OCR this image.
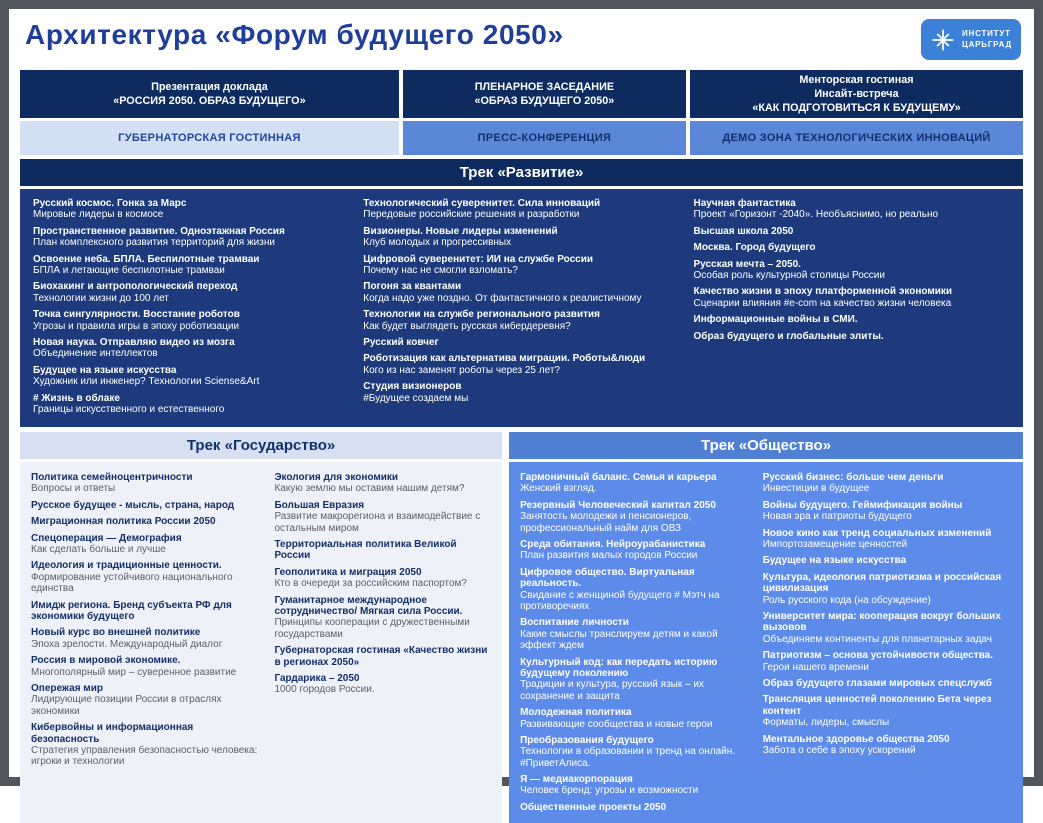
Архитектура «Форум будущего 2050»	ИНСТИТУТ
ЦАРЬГРАД
Презентация доклада
«РОССИЯ 2050. ОБРАЗ БУДУЩЕГО»
ПЛЕНАРНОЕ ЗАСЕДАНИЕ
«ОБРАЗ БУДУЩЕГО 2050»
Менторская гостиная
Инсайт-встреча
«КАК ПОДГОТОВИТЬСЯ К БУДУЩЕМУ»
ГУБЕРНАТОРСКАЯ ГОСТИННАЯ	ПРЕСС-КОНФЕРЕНЦИЯ	ДЕМО ЗОНА ТЕХНОЛОГИЧЕСКИХ ИННОВАЦИЙ
Трек «Развитие»
Русский космос. Гонка за Марс
Мировые лидеры в космосе
Пространственное развитие. Одноэтажная Россия
План комплексного развития территорий для жизни
Освоение неба. БПЛА. Беспилотные трамваи
БПЛА и летающие беспилотные трамваи
Биохакинг и антропологический переход
Технологии жизни до 100 лет
Точка сингулярности. Восстание роботов
Угрозы и правила игры в эпоху роботизации
Новая наука. Отправляю видео из мозга
Объединение интеллектов
Будущее на языке искусства
Художник или инженер? Технологии Sciense&Art
# Жизнь в облаке
Границы искусственного и естественного
Технологический суверенитет. Сила инноваций
Передовые российские решения и разработки
Визионеры. Новые лидеры изменений
Клуб молодых и прогрессивных
Цифровой суверенитет: ИИ на службе России
Почему нас не смогли взломать?
Погоня за квантами
Когда надо уже поздно. От фантастичного к реалистичному
Технологии на службе регионального развития
Как будет выглядеть русская кибердеревня?
Русский ковчег
Роботизация как альтернатива миграции. Роботы&люди
Кого из нас заменят роботы через 25 лет?
Студия визионеров
#Будущее создаем мы
Научная фантастика
Проект «Горизонт -2040». Необъяснимо, но реально
Высшая школа 2050
Москва. Город будущего
Русская мечта – 2050.
Особая роль культурной столицы России
Качество жизни в эпоху платформенной экономики
Сценарии влияния #e-com на качество жизни человека
Информационные войны в СМИ.
Образ будущего и глобальные элиты.
Трек «Государство»
Политика семейноцентричности
Вопросы и ответы
Русское будущее - мысль, страна, народ
Миграционная политика России 2050
Спецоперация — Демография
Как сделать больше и лучше
Идеология и традиционные ценности.
Формирование устойчивого национального единства
Имидж региона. Бренд субъекта РФ для экономики будущего
Новый курс во внешней политике
Эпоха зрелости. Международный диалог
Россия в мировой экономике.
Многополярный мир – суверенное развитие
Опережая мир
Лидирующие позиции России в отраслях экономики
Кибервойны и информационная безопасность
Стратегия управления безопасностью человека: игроки и технологии
Экология для экономики
Какую землю мы оставим нашим детям?
Большая Евразия
Развитие макрорегиона и взаимодействие с остальным миром
Территориальная политика Великой России
Геополитика и миграция 2050
Кто в очереди за российским паспортом?
Гуманитарное международное сотрудничество/ Мягкая сила России.
Принципы кооперации с дружественными государствами
Губернаторская гостиная «Качество жизни в регионах 2050»
Гардарика – 2050
1000 городов России.
Трек «Общество»
Гармоничный баланс. Семья и карьера
Женский взгляд.
Резервный Человеческий капитал 2050
Занятость молодежи и пенсионеров, профессиональный найм для ОВЗ
Среда обитания. Нейроурабанистика
План развития малых городов России
Цифровое общество. Виртуальная реальность.
Свидание с женщиной будущего # Мэтч на противоречиях
Воспитание личности
Какие смыслы транслируем детям и какой эффект ждем
Культурный код: как передать историю будущему поколению
Традиции и культура, русский язык – их сохранение и защита
Молодежная политика
Развивающие сообщества и новые герои
Преобразования будущего
Технологии в образовании и тренд на онлайн. #ПриветАлиса.
Я — медиакорпорация
Человек бренд: угрозы и возможности
Общественные проекты 2050
Русский бизнес: больше чем деньги
Инвестиции в будущее
Войны будущего. Геймификация войны
Новая эра и патриоты будущего
Новое кино как тренд социальных изменений
Импортозамещение ценностей
Будущее на языке искусства
Культура, идеология патриотизма и российская цивилизация
Роль русского кода (на обсуждение)
Университет мира: кооперация вокруг больших вызовов
Объединяем континенты для планетарных задач
Патриотизм – основа устойчивости общества.
Герои нашего времени
Образ будущего глазами мировых спецслужб
Трансляция ценностей поколению Бета через контент
Форматы, лидеры, смыслы
Ментальное здоровье общества 2050
Забота о себе в эпоху ускорений
